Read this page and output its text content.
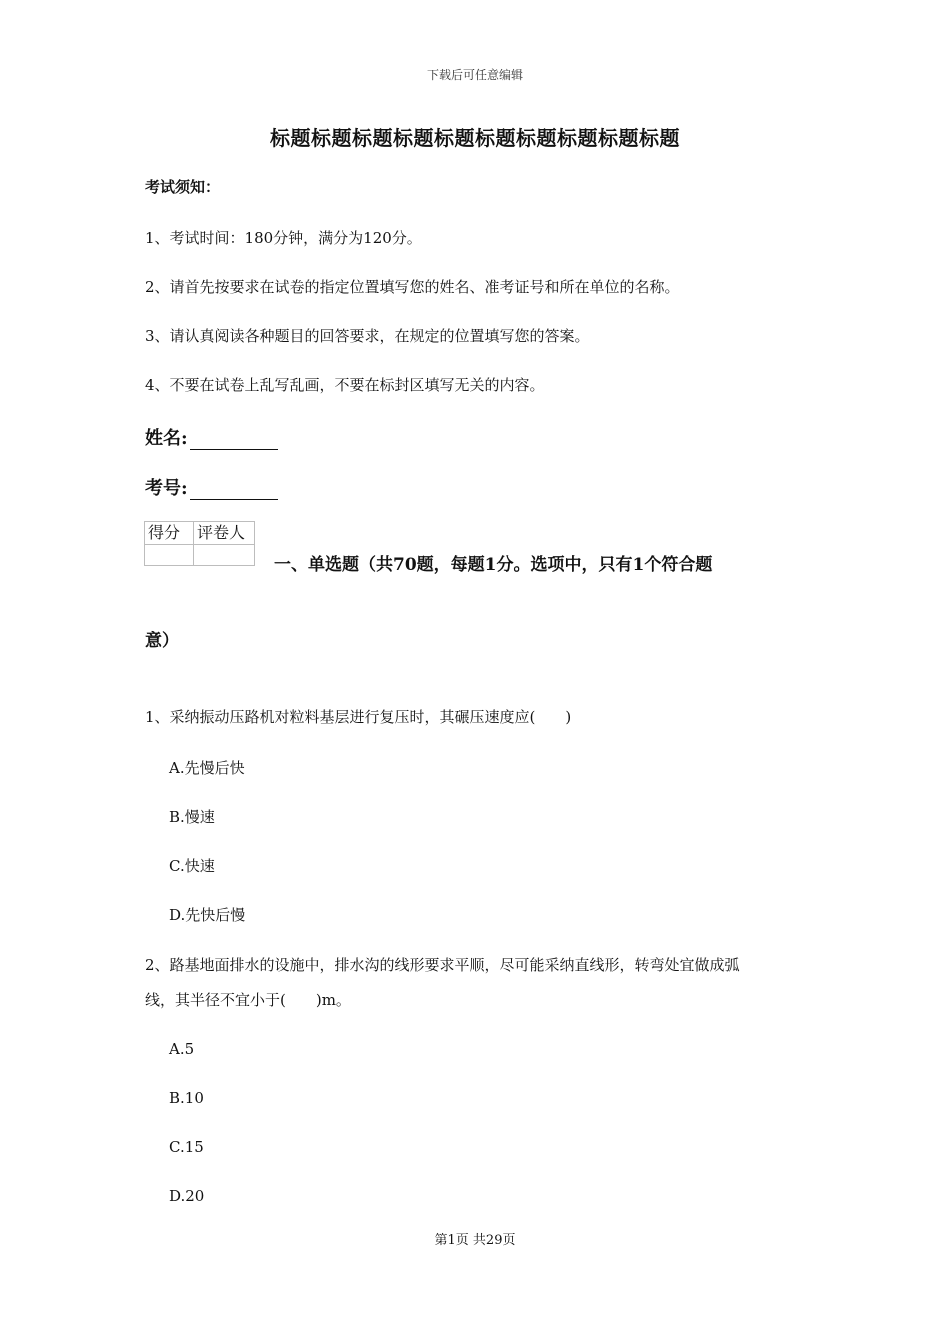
下载后可任意编辑
标题标题标题标题标题标题标题标题标题标题
考试须知：
1、考试时间：180分钟，满分为120分。
2、请首先按要求在试卷的指定位置填写您的姓名、准考证号和所在单位的名称。
3、请认真阅读各种题目的回答要求，在规定的位置填写您的答案。
4、不要在试卷上乱写乱画，不要在标封区填写无关的内容。
姓名:
考号:
得分	评卷人

一、单选题（共70题，每题1分。选项中，只有1个符合题
意）
1、采纳振动压路机对粒料基层进行复压时，其碾压速度应(　　)
A.先慢后快
B.慢速
C.快速
D.先快后慢
2、路基地面排水的设施中，排水沟的线形要求平顺，尽可能采纳直线形，转弯处宜做成弧
线，其半径不宜小于(　　)m。
A.5
B.10
C.15
D.20
第1页 共29页
